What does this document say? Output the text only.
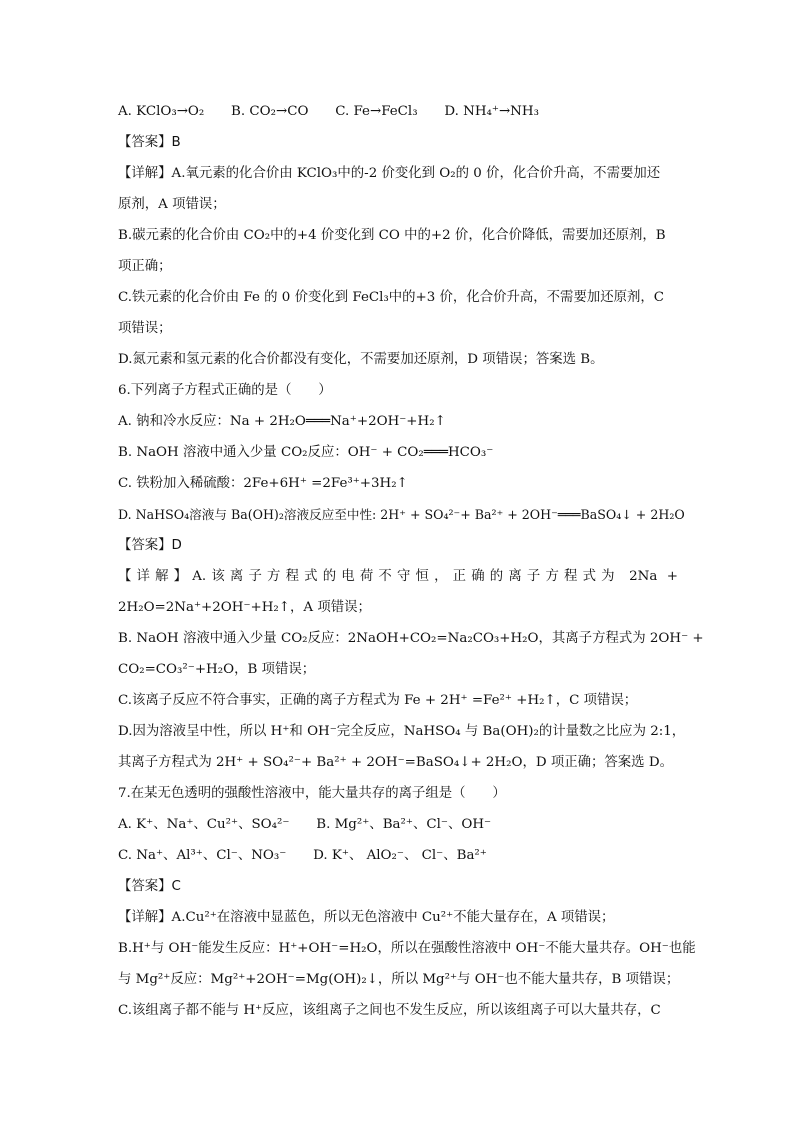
A. KClO₃→O₂　　B. CO₂→CO　　C. Fe→FeCl₃　　D. NH₄⁺→NH₃
【答案】B
【详解】A.氧元素的化合价由 KClO₃中的-2 价变化到 O₂的 0 价，化合价升高，不需要加还
原剂，A 项错误；
B.碳元素的化合价由 CO₂中的+4 价变化到 CO 中的+2 价，化合价降低，需要加还原剂，B
项正确；
C.铁元素的化合价由 Fe 的 0 价变化到 FeCl₃中的+3 价，化合价升高，不需要加还原剂，C
项错误；
D.氮元素和氢元素的化合价都没有变化，不需要加还原剂，D 项错误；答案选 B。
6.下列离子方程式正确的是（　　）
A. 钠和冷水反应：Na + 2H₂O═══Na⁺+2OH⁻+H₂↑
B. NaOH 溶液中通入少量 CO₂反应：OH⁻ + CO₂═══HCO₃⁻
C. 铁粉加入稀硫酸：2Fe+6H⁺ =2Fe³⁺+3H₂↑
D. NaHSO₄溶液与 Ba(OH)₂溶液反应至中性: 2H⁺ + SO₄²⁻+ Ba²⁺ + 2OH⁻═══BaSO₄↓ + 2H₂O
【答案】D
【详解】A.该离子方程式的电荷不守恒，正确的离子方程式为 2Na +
2H₂O=2Na⁺+2OH⁻+H₂↑，A 项错误；
B. NaOH 溶液中通入少量 CO₂反应：2NaOH+CO₂=Na₂CO₃+H₂O，其离子方程式为 2OH⁻ +
CO₂=CO₃²⁻+H₂O，B 项错误；
C.该离子反应不符合事实，正确的离子方程式为 Fe + 2H⁺ =Fe²⁺ +H₂↑，C 项错误；
D.因为溶液呈中性，所以 H⁺和 OH⁻完全反应，NaHSO₄ 与 Ba(OH)₂的计量数之比应为 2:1，
其离子方程式为 2H⁺ + SO₄²⁻+ Ba²⁺ + 2OH⁻=BaSO₄↓+ 2H₂O，D 项正确；答案选 D。
7.在某无色透明的强酸性溶液中，能大量共存的离子组是（　　）
A. K⁺、Na⁺、Cu²⁺、SO₄²⁻　　B. Mg²⁺、Ba²⁺、Cl⁻、OH⁻
C. Na⁺、Al³⁺、Cl⁻、NO₃⁻　　D. K⁺、 AlO₂⁻、 Cl⁻、Ba²⁺
【答案】C
【详解】A.Cu²⁺在溶液中显蓝色，所以无色溶液中 Cu²⁺不能大量存在，A 项错误；
B.H⁺与 OH⁻能发生反应：H⁺+OH⁻=H₂O，所以在强酸性溶液中 OH⁻不能大量共存。OH⁻也能
与 Mg²⁺反应：Mg²⁺+2OH⁻=Mg(OH)₂↓，所以 Mg²⁺与 OH⁻也不能大量共存，B 项错误；
C.该组离子都不能与 H⁺反应，该组离子之间也不发生反应，所以该组离子可以大量共存，C
